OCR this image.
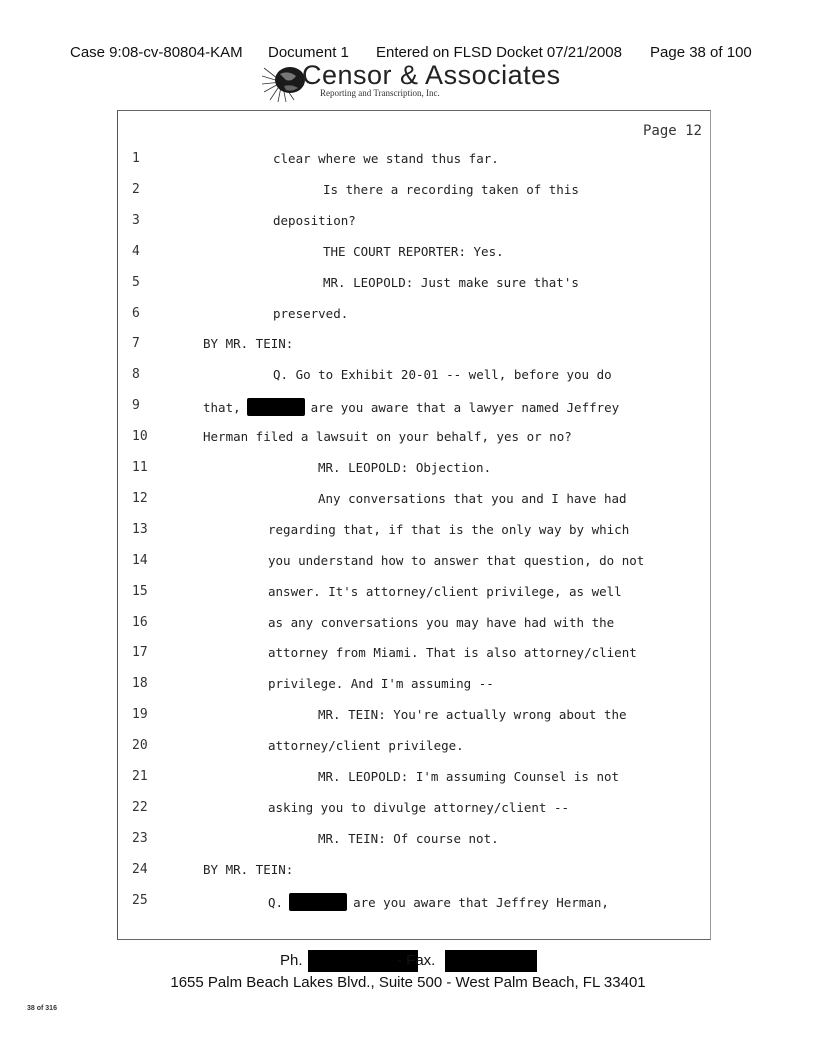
Case 9:08-cv-80804-KAM Document 1 Entered on FLSD Docket 07/21/2008 Page 38 of 100
Censor & Associates
Reporting and Transcription, Inc.
Page 12
1	clear where we stand thus far.
2	Is there a recording taken of this
3	deposition?
4	THE COURT REPORTER: Yes.
5	MR. LEOPOLD: Just make sure that's
6	preserved.
7	BY MR. TEIN:
8	Q. Go to Exhibit 20-01 -- well, before you do
9	that,	are you aware that a lawyer named Jeffrey
10	Herman filed a lawsuit on your behalf, yes or no?
11	MR. LEOPOLD: Objection.
12	Any conversations that you and I have had
13	regarding that, if that is the only way by which
14	you understand how to answer that question, do not
15	answer. It's attorney/client privilege, as well
16	as any conversations you may have had with the
17	attorney from Miami. That is also attorney/client
18	privilege. And I'm assuming --
19	MR. TEIN: You're actually wrong about the
20	attorney/client privilege.
21	MR. LEOPOLD: I'm assuming Counsel is not
22	asking you to divulge attorney/client --
23	MR. TEIN: Of course not.
24	BY MR. TEIN:
25	Q.	are you aware that Jeffrey Herman,
Ph.	- Fax.
1655 Palm Beach Lakes Blvd., Suite 500 - West Palm Beach, FL 33401
38 of 316
